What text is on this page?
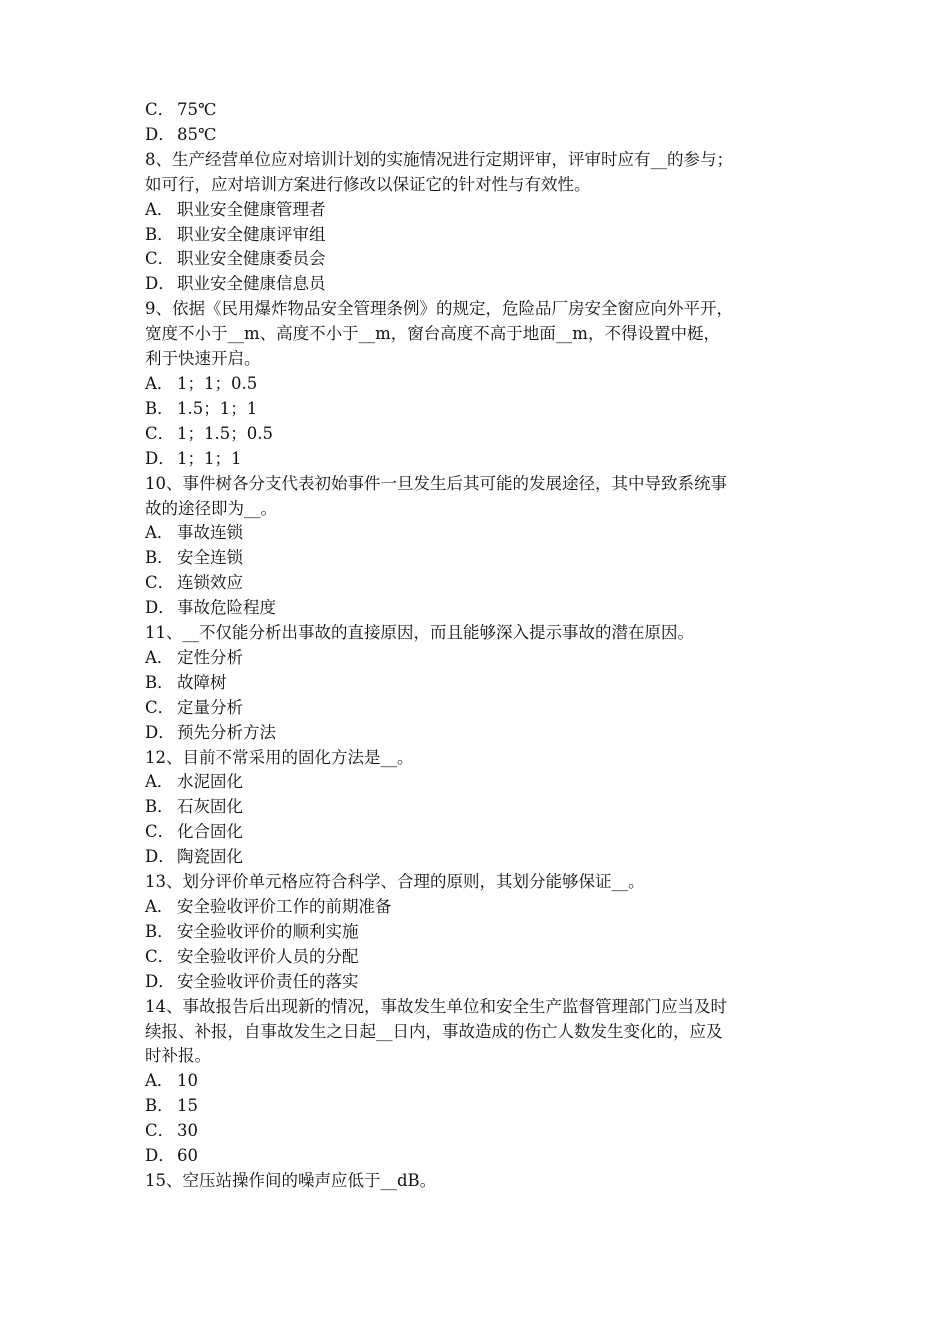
C． 75℃
D． 85℃
8、生产经营单位应对培训计划的实施情况进行定期评审，评审时应有__的参与；
如可行，应对培训方案进行修改以保证它的针对性与有效性。
A． 职业安全健康管理者
B． 职业安全健康评审组
C． 职业安全健康委员会
D． 职业安全健康信息员
9、依据《民用爆炸物品安全管理条例》的规定，危险品厂房安全窗应向外平开，
宽度不小于__m、高度不小于__m，窗台高度不高于地面__m，不得设置中梃，
利于快速开启。
A． 1；1；0.5
B． 1.5；1；1
C． 1；1.5；0.5
D． 1；1；1
10、事件树各分支代表初始事件一旦发生后其可能的发展途径，其中导致系统事
故的途径即为__。
A． 事故连锁
B． 安全连锁
C． 连锁效应
D． 事故危险程度
11、__不仅能分析出事故的直接原因，而且能够深入提示事故的潜在原因。
A． 定性分析
B． 故障树
C． 定量分析
D． 预先分析方法
12、目前不常采用的固化方法是__。
A． 水泥固化
B． 石灰固化
C． 化合固化
D． 陶瓷固化
13、划分评价单元格应符合科学、合理的原则，其划分能够保证__。
A． 安全验收评价工作的前期准备
B． 安全验收评价的顺利实施
C． 安全验收评价人员的分配
D． 安全验收评价责任的落实
14、事故报告后出现新的情况，事故发生单位和安全生产监督管理部门应当及时
续报、补报，自事故发生之日起__日内，事故造成的伤亡人数发生变化的，应及
时补报。
A． 10
B． 15
C． 30
D． 60
15、空压站操作间的噪声应低于__dB。
